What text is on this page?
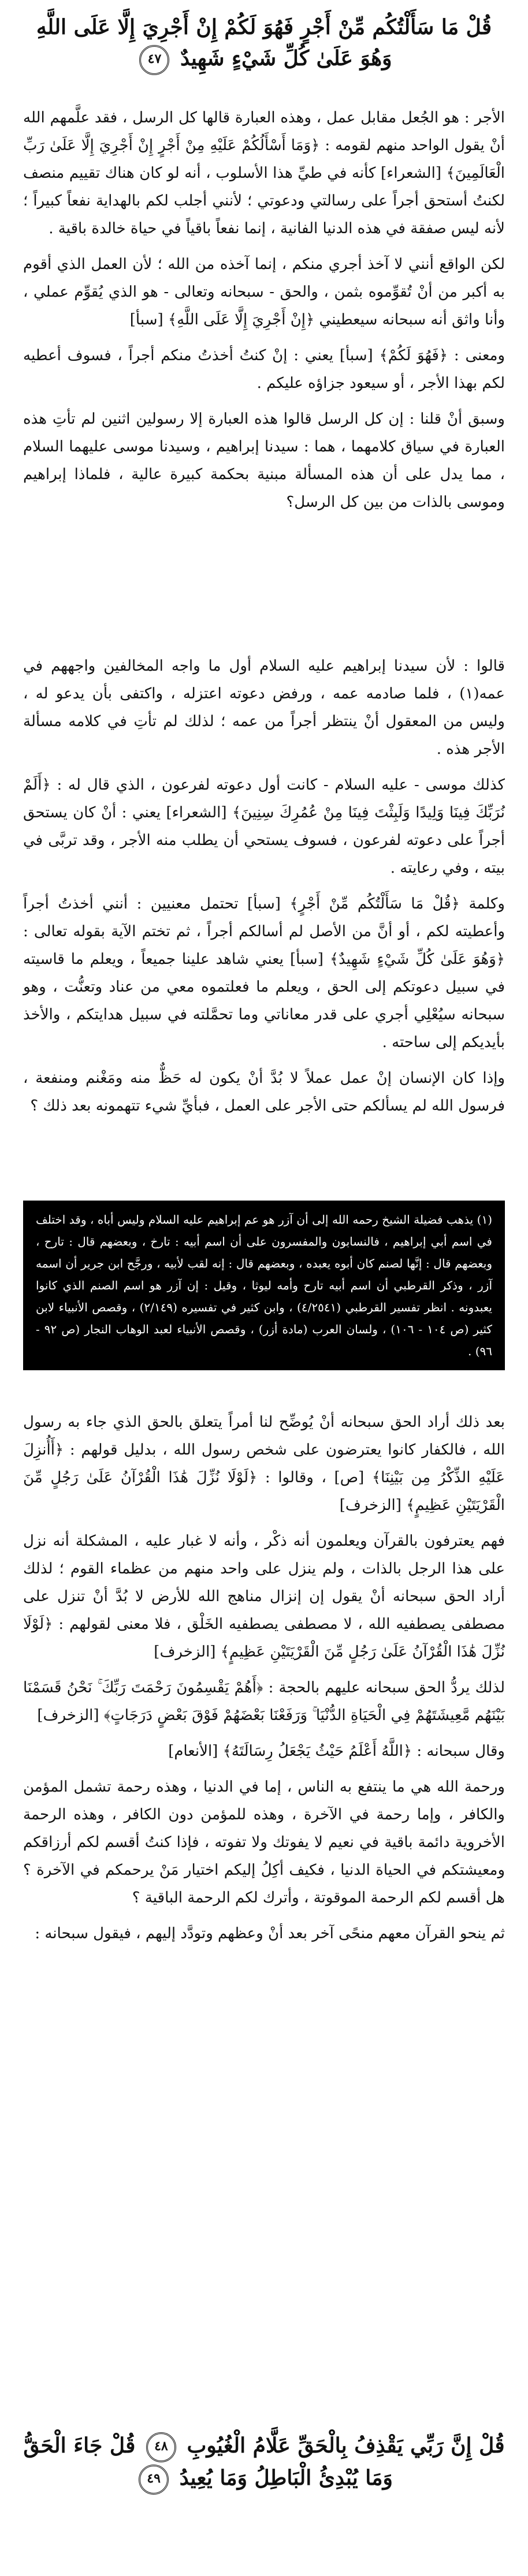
قُلْ مَا سَأَلْتُكُم مِّنْ أَجْرٍ فَهُوَ لَكُمْ إِنْ أَجْرِيَ إِلَّا عَلَى اللَّهِ
وَهُوَ عَلَىٰ كُلِّ شَيْءٍ شَهِيدٌ ٤٧

الأجر : هو الجُعل مقابل عمل ، وهذه العبارة قالها كل الرسل ، فقد علَّمهم الله أنْ يقول الواحد منهم لقومه : ﴿وَمَا أَسْأَلُكُمْ عَلَيْهِ مِنْ أَجْرٍ إِنْ أَجْرِيَ إِلَّا عَلَىٰ رَبِّ الْعَالَمِينَ﴾ [الشعراء] كأنه في طيِّ هذا الأسلوب ، أنه لو كان هناك تقييم منصف لكنتُ أستحق أجراً على رسالتي ودعوتي ؛ لأنني أجلب لكم بالهداية نفعاً كبيراً ؛ لأنه ليس صفقة في هذه الدنيا الفانية ، إنما نفعاً باقياً في حياة خالدة باقية .

لكن الواقع أنني لا آخذ أجري منكم ، إنما آخذه من الله ؛ لأن العمل الذي أقوم به أكبر من أنْ تُقوِّموه بثمن ، والحق - سبحانه وتعالى - هو الذي يُقوِّم عملي ، وأنا واثق أنه سبحانه سيعطيني ﴿إِنْ أَجْرِيَ إِلَّا عَلَى اللَّهِ﴾ [سبأ]

ومعنى : ﴿فَهُوَ لَكُمْ﴾ [سبأ] يعني : إنْ كنتُ أخذتُ منكم أجراً ، فسوف أعطيه لكم بهذا الأجر ، أو سيعود جزاؤه عليكم .

وسبق أنْ قلنا : إن كل الرسل قالوا هذه العبارة إلا رسولين اثنين لم تأتِ هذه العبارة في سياق كلامهما ، هما : سيدنا إبراهيم ، وسيدنا موسى عليهما السلام ، مما يدل على أن هذه المسألة مبنية بحكمة كبيرة عالية ، فلماذا إبراهيم وموسى بالذات من بين كل الرسل؟

قالوا : لأن سيدنا إبراهيم عليه السلام أول ما واجه المخالفين واجههم في عمه(١) ، فلما صادمه عمه ، ورفض دعوته اعتزله ، واكتفى بأن يدعو له ، وليس من المعقول أنْ ينتظر أجراً من عمه ؛ لذلك لم تأتِ في كلامه مسألة الأجر هذه .

كذلك موسى - عليه السلام - كانت أول دعوته لفرعون ، الذي قال له : ﴿أَلَمْ نُرَبِّكَ فِينَا وَلِيدًا وَلَبِثْتَ فِينَا مِنْ عُمُرِكَ سِنِينَ﴾ [الشعراء] يعني : أنْ كان يستحق أجراً على دعوته لفرعون ، فسوف يستحي أن يطلب منه الأجر ، وقد تربَّى في بيته ، وفي رعايته .

وكلمة ﴿قُلْ مَا سَأَلْتُكُم مِّنْ أَجْرٍ﴾ [سبأ] تحتمل معنيين : أنني أخذتُ أجراً وأعطيته لكم ، أو أنَّ من الأصل لم أسالكم أجراً ، ثم تختم الآية بقوله تعالى : ﴿وَهُوَ عَلَىٰ كُلِّ شَيْءٍ شَهِيدٌ﴾ [سبأ] يعني شاهد علينا جميعاً ، ويعلم ما قاسيته في سبيل دعوتكم إلى الحق ، ويعلم ما فعلتموه معي من عناد وتعنُّت ، وهو سبحانه سيُعْلِي أجري على قدر معاناتي وما تحمَّلته في سبيل هدايتكم ، والأخذ بأيديكم إلى ساحته .

وإذا كان الإنسان إنْ عمل عملاً لا بُدَّ أنْ يكون له حَظٌّ منه ومَغْنم ومنفعة ، فرسول الله لم يسألكم حتى الأجر على العمل ، فبأيِّ شيء تتهمونه بعد ذلك ؟

(١) يذهب فضيلة الشيخ رحمه الله إلى أن آزر هو عم إبراهيم عليه السلام وليس أباه ، وقد اختلف في اسم أبي إبراهيم ، فالنسابون والمفسرون على أن اسم أبيه : تارخ ، وبعضهم قال : تارح ، وبعضهم قال : إنَّها لصنم كان أبوه يعبده ، وبعضهم قال : إنه لقب لأبيه ، ورجَّح ابن جرير أن اسمه آزر ، وذكر القرطبي أن اسم أبيه تارح وأمه ليوثا ، وقيل : إن آزر هو اسم الصنم الذي كانوا يعبدونه . انظر تفسير القرطبي (٤/٢٥٤١) ، وابن كثير في تفسيره (٢/١٤٩) ، وقصص الأنبياء لابن كثير (ص ١٠٤ - ١٠٦) ، ولسان العرب (مادة أزر) ، وقصص الأنبياء لعبد الوهاب النجار (ص ٩٢ - ٩٦) .

بعد ذلك أراد الحق سبحانه أنْ يُوضِّح لنا أمراً يتعلق بالحق الذي جاء به رسول الله ، فالكفار كانوا يعترضون على شخص رسول الله ، بدليل قولهم : ﴿أَأُنزِلَ عَلَيْهِ الذِّكْرُ مِن بَيْنِنَا﴾ [ص] ، وقالوا : ﴿لَوْلَا نُزِّلَ هَٰذَا الْقُرْآنُ عَلَىٰ رَجُلٍ مِّنَ الْقَرْيَتَيْنِ عَظِيمٍ﴾ [الزخرف]

فهم يعترفون بالقرآن ويعلمون أنه ذكْر ، وأنه لا غبار عليه ، المشكلة أنه نزل على هذا الرجل بالذات ، ولم ينزل على واحد منهم من عظماء القوم ؛ لذلك أراد الحق سبحانه أنْ يقول إن إنزال مناهج الله للأرض لا بُدَّ أنْ تنزل على مصطفى يصطفيه الله ، لا مصطفى يصطفيه الخَلْق ، فلا معنى لقولهم : ﴿لَوْلَا نُزِّلَ هَٰذَا الْقُرْآنُ عَلَىٰ رَجُلٍ مِّنَ الْقَرْيَتَيْنِ عَظِيمٍ﴾ [الزخرف]

لذلك يردُّ الحق سبحانه عليهم بالحجة : ﴿أَهُمْ يَقْسِمُونَ رَحْمَتَ رَبِّكَ ۚ نَحْنُ قَسَمْنَا بَيْنَهُم مَّعِيشَتَهُمْ فِي الْحَيَاةِ الدُّنْيَا ۚ وَرَفَعْنَا بَعْضَهُمْ فَوْقَ بَعْضٍ دَرَجَاتٍ﴾ [الزخرف]

وقال سبحانه : ﴿اللَّهُ أَعْلَمُ حَيْثُ يَجْعَلُ رِسَالَتَهُ﴾ [الأنعام]

ورحمة الله هي ما ينتفع به الناس ، إما في الدنيا ، وهذه رحمة تشمل المؤمن والكافر ، وإما رحمة في الآخرة ، وهذه للمؤمن دون الكافر ، وهذه الرحمة الأخروية دائمة باقية في نعيم لا يفوتك ولا تفوته ، فإذا كنتُ أقسم لكم أرزاقكم ومعيشتكم في الحياة الدنيا ، فكيف أكِلُ إليكم اختيار مَنْ يرحمكم في الآخرة ؟ هل أقسم لكم الرحمة الموقوتة ، وأترك لكم الرحمة الباقية ؟

ثم ينحو القرآن معهم منحًى آخر بعد أنْ وعظهم وتودَّد إليهم ، فيقول سبحانه :

قُلْ إِنَّ رَبِّي يَقْذِفُ بِالْحَقِّ عَلَّامُ الْغُيُوبِ ٤٨ قُلْ جَاءَ الْحَقُّ
وَمَا يُبْدِئُ الْبَاطِلُ وَمَا يُعِيدُ ٤٩
